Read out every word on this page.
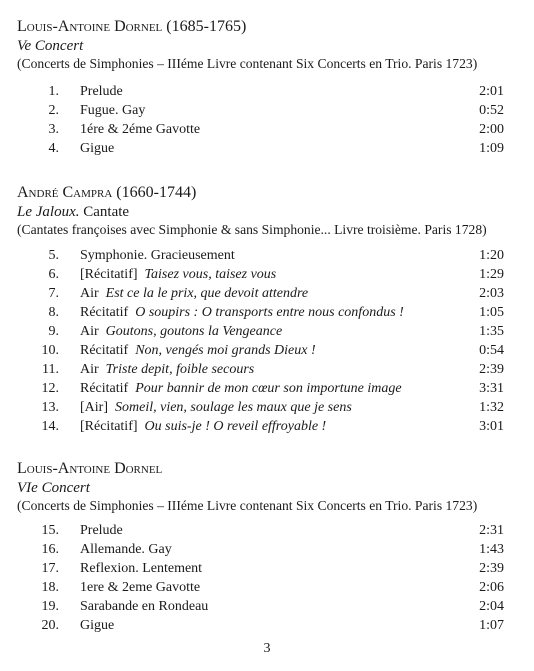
Louis-Antoine Dornel (1685-1765)
Ve Concert
(Concerts de Simphonies – IIIéme Livre contenant Six Concerts en Trio. Paris 1723)
1. Prelude	2:01
2. Fugue. Gay	0:52
3. 1ére & 2éme Gavotte	2:00
4. Gigue	1:09
André Campra (1660-1744)
Le Jaloux. Cantate
(Cantates françoises avec Simphonie & sans Simphonie... Livre troisième. Paris 1728)
5. Symphonie. Gracieusement	1:20
6. [Récitatif] Taisez vous, taisez vous	1:29
7. Air Est ce la le prix, que devoit attendre	2:03
8. Récitatif O soupirs : O transports entre nous confondus !	1:05
9. Air Goutons, goutons la Vengeance	1:35
10. Récitatif Non, vengés moi grands Dieux !	0:54
11. Air Triste depit, foible secours	2:39
12. Récitatif Pour bannir de mon cœur son importune image	3:31
13. [Air] Someil, vien, soulage les maux que je sens	1:32
14. [Récitatif] Ou suis-je ! O reveil effroyable !	3:01
Louis-Antoine Dornel
VIe Concert
(Concerts de Simphonies – IIIéme Livre contenant Six Concerts en Trio. Paris 1723)
15. Prelude	2:31
16. Allemande. Gay	1:43
17. Reflexion. Lentement	2:39
18. 1ere & 2eme Gavotte	2:06
19. Sarabande en Rondeau	2:04
20. Gigue	1:07
3
